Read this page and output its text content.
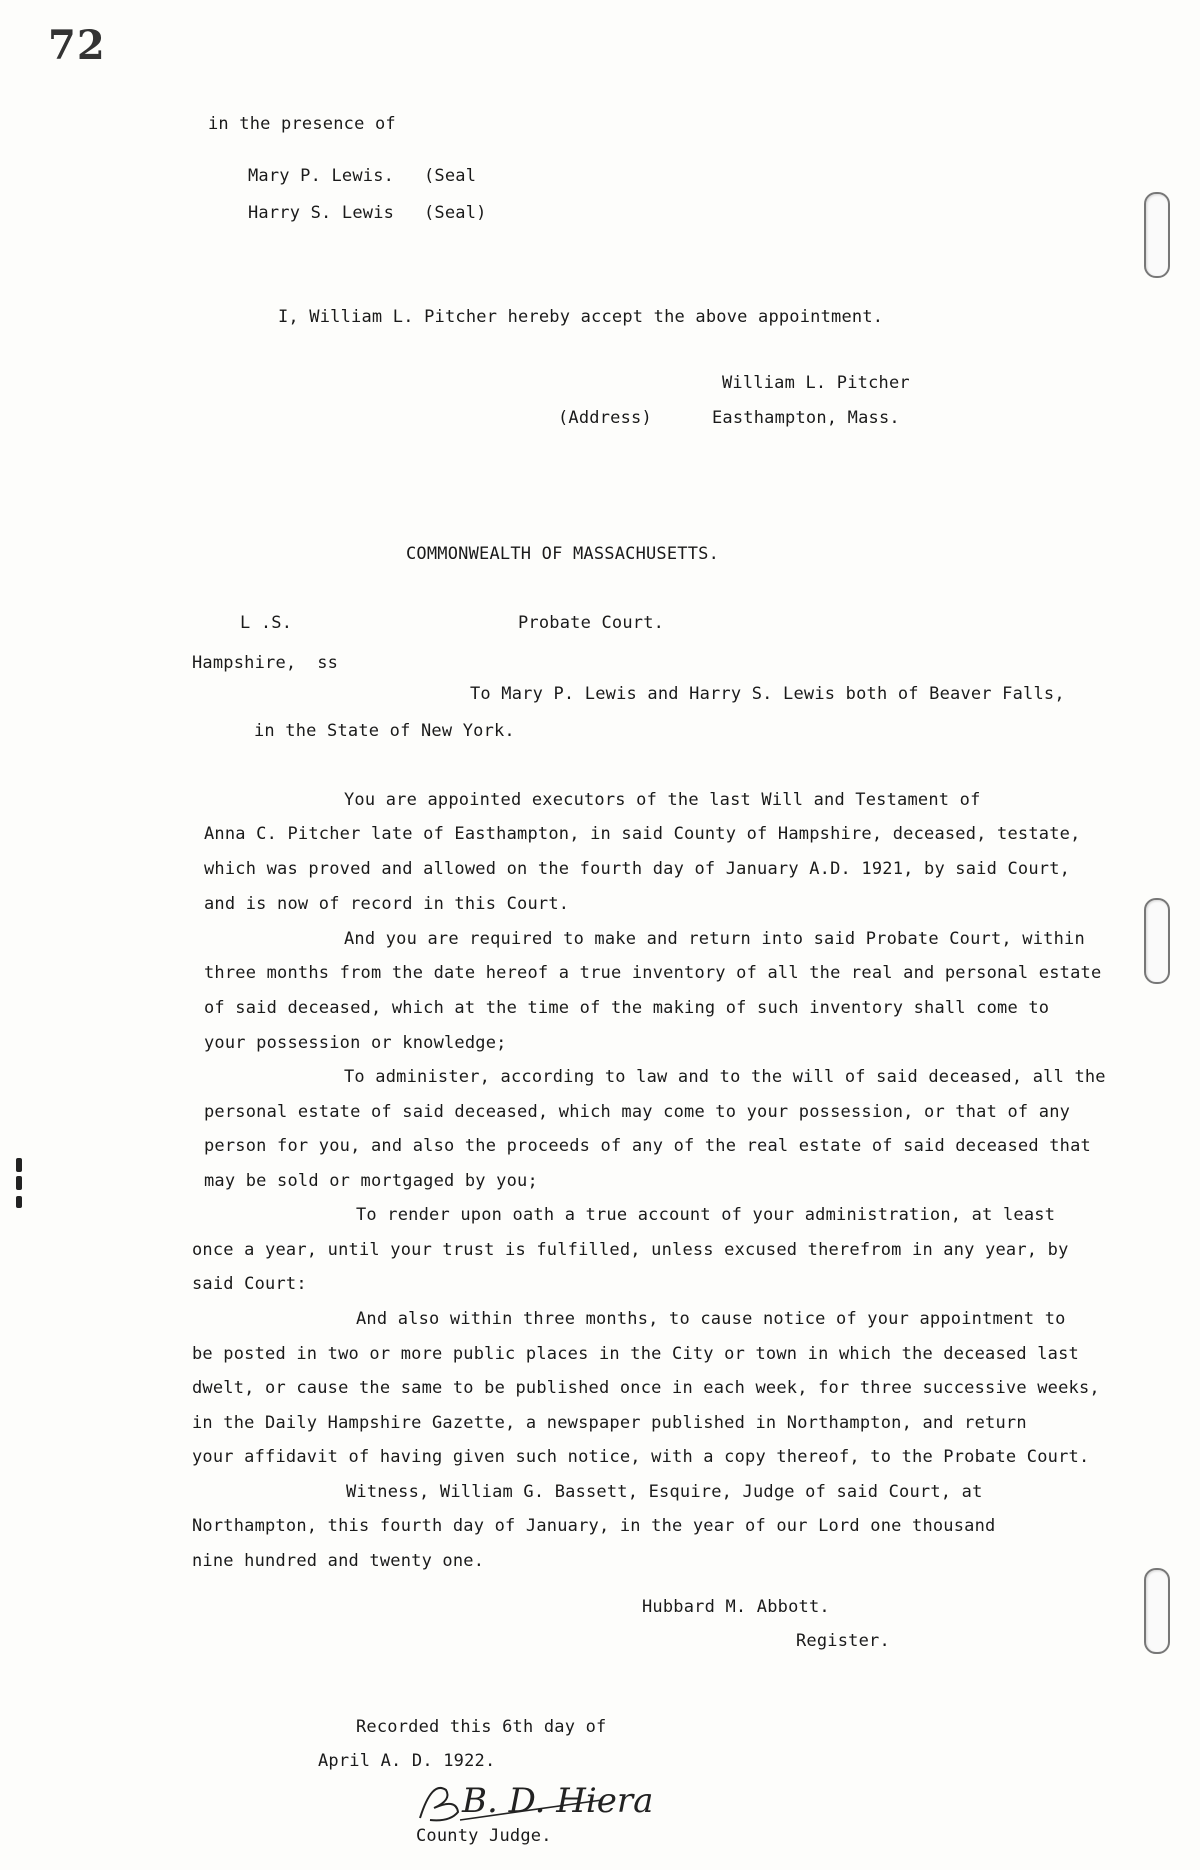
72
in the presence of
Mary P. Lewis. (Seal
Harry S. Lewis (Seal)
I, William L. Pitcher hereby accept the above appointment.
William L. Pitcher
(Address)	Easthampton, Mass.
COMMONWEALTH OF MASSACHUSETTS.
L .S.	Probate Court.
Hampshire,  ss
To Mary P. Lewis and Harry S. Lewis both of Beaver Falls,
in the State of New York.
You are appointed executors of the last Will and Testament of
Anna C. Pitcher late of Easthampton, in said County of Hampshire, deceased, testate,
which was proved and allowed on the fourth day of January A.D. 1921, by said Court,
and is now of record in this Court.
And you are required to make and return into said Probate Court, within
three months from the date hereof a true inventory of all the real and personal estate
of said deceased, which at the time of the making of such inventory shall come to
your possession or knowledge;
To administer, according to law and to the will of said deceased, all the
personal estate of said deceased, which may come to your possession, or that of any
person for you, and also the proceeds of any of the real estate of said deceased that
may be sold or mortgaged by you;
To render upon oath a true account of your administration, at least
once a year, until your trust is fulfilled, unless excused therefrom in any year, by
said Court:
And also within three months, to cause notice of your appointment to
be posted in two or more public places in the City or town in which the deceased last
dwelt, or cause the same to be published once in each week, for three successive weeks,
in the Daily Hampshire Gazette, a newspaper published in Northampton, and return
your affidavit of having given such notice, with a copy thereof, to the Probate Court.
Witness, William G. Bassett, Esquire, Judge of said Court, at
Northampton, this fourth day of January, in the year of our Lord one thousand
nine hundred and twenty one.
Hubbard M. Abbott.
Register.
Recorded this 6th day of
April A. D. 1922.
B. D. Hiera
County Judge.
